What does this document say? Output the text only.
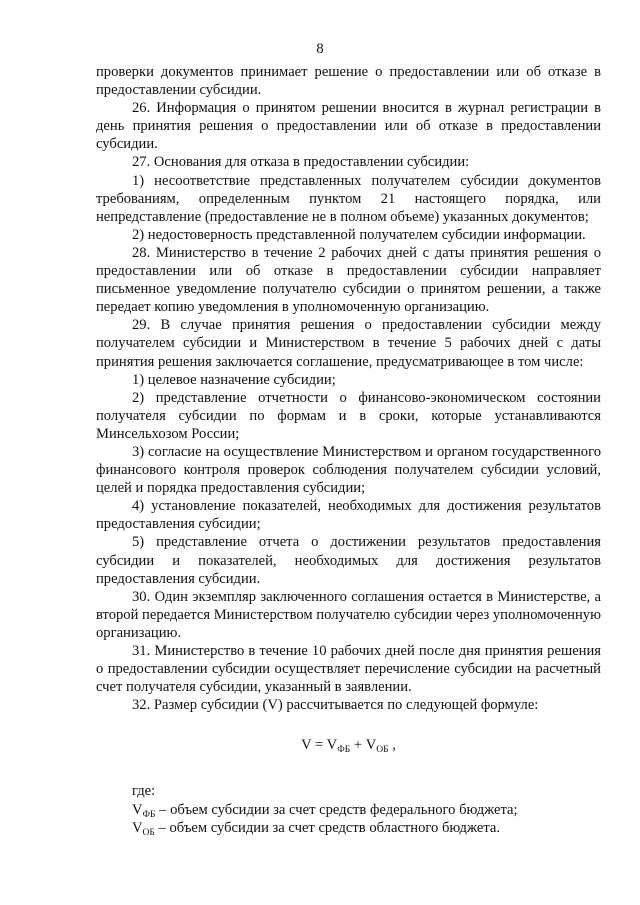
8

проверки документов принимает решение о предоставлении или об отказе в предоставлении субсидии.

26. Информация о принятом решении вносится в журнал регистрации в день принятия решения о предоставлении или об отказе в предоставлении субсидии.

27. Основания для отказа в предоставлении субсидии:

1) несоответствие представленных получателем субсидии документов требованиям, определенным пунктом 21 настоящего порядка, или непредставление (предоставление не в полном объеме) указанных документов;

2) недостоверность представленной получателем субсидии информации.

28. Министерство в течение 2 рабочих дней с даты принятия решения о предоставлении или об отказе в предоставлении субсидии направляет письменное уведомление получателю субсидии о принятом решении, а также передает копию уведомления в уполномоченную организацию.

29. В случае принятия решения о предоставлении субсидии между получателем субсидии и Министерством в течение 5 рабочих дней с даты принятия решения заключается соглашение, предусматривающее в том числе:

1) целевое назначение субсидии;

2) представление отчетности о финансово-экономическом состоянии получателя субсидии по формам и в сроки, которые устанавливаются Минсельхозом России;

3) согласие на осуществление Министерством и органом государственного финансового контроля проверок соблюдения получателем субсидии условий, целей и порядка предоставления субсидии;

4) установление показателей, необходимых для достижения результатов предоставления субсидии;

5) представление отчета о достижении результатов предоставления субсидии и показателей, необходимых для достижения результатов предоставления субсидии.

30. Один экземпляр заключенного соглашения остается в Министерстве, а второй передается Министерством получателю субсидии через уполномоченную организацию.

31. Министерство в течение 10 рабочих дней после дня принятия решения о предоставлении субсидии осуществляет перечисление субсидии на расчетный счет получателя субсидии, указанный в заявлении.

32. Размер субсидии (V) рассчитывается по следующей формуле:

$V = V_{ФБ} + V_{ОБ}$ ,

где:

$V_{ФБ}$ – объем субсидии за счет средств федерального бюджета;

$V_{ОБ}$ – объем субсидии за счет средств областного бюджета.
